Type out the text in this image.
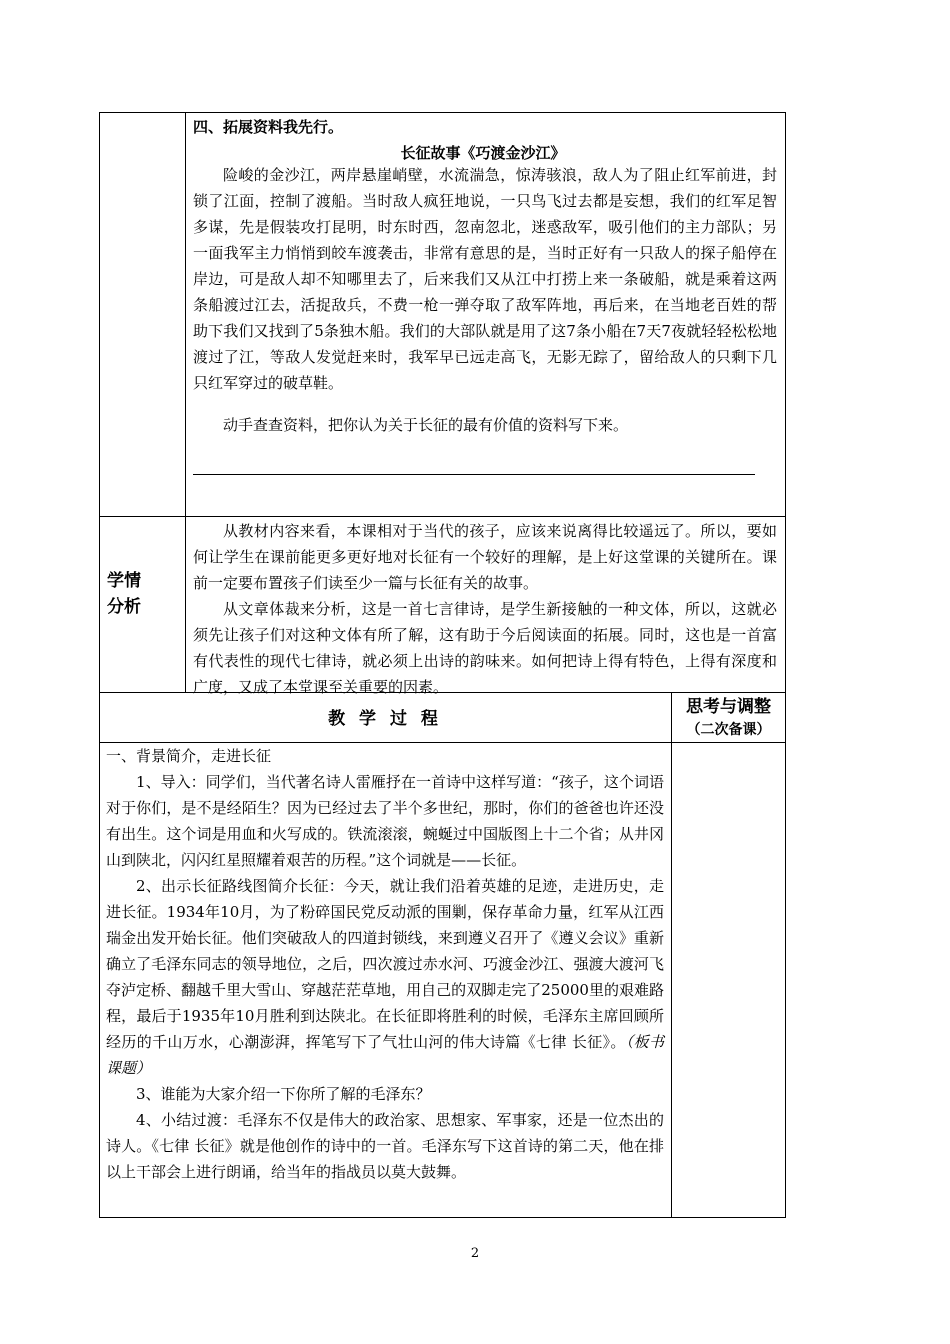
四、拓展资料我先行。
长征故事《巧渡金沙江》

险峻的金沙江，两岸悬崖峭壁，水流湍急，惊涛骇浪，敌人为了阻止红军前进，封锁了江面，控制了渡船。当时敌人疯狂地说，一只鸟飞过去都是妄想，我们的红军足智多谋，先是假装攻打昆明，时东时西，忽南忽北，迷惑敌军，吸引他们的主力部队；另一面我军主力悄悄到皎车渡袭击，非常有意思的是，当时正好有一只敌人的探子船停在岸边，可是敌人却不知哪里去了，后来我们又从江中打捞上来一条破船，就是乘着这两条船渡过江去，活捉敌兵，不费一枪一弹夺取了敌军阵地，再后来，在当地老百姓的帮助下我们又找到了5条独木船。我们的大部队就是用了这7条小船在7天7夜就轻轻松松地渡过了江，等敌人发觉赶来时，我军早已远走高飞，无影无踪了，留给敌人的只剩下几只红军穿过的破草鞋。

动手查查资料，把你认为关于长征的最有价值的资料写下来。
学情
分析

从教材内容来看，本课相对于当代的孩子，应该来说离得比较遥远了。所以，要如何让学生在课前能更多更好地对长征有一个较好的理解，是上好这堂课的关键所在。课前一定要布置孩子们读至少一篇与长征有关的故事。

从文章体裁来分析，这是一首七言律诗，是学生新接触的一种文体，所以，这就必须先让孩子们对这种文体有所了解，这有助于今后阅读面的拓展。同时，这也是一首富有代表性的现代七律诗，就必须上出诗的韵味来。如何把诗上得有特色，上得有深度和广度，又成了本堂课至关重要的因素。

教 学 过 程
思考与调整
（二次备课）

一、背景简介，走进长征

1、导入：同学们，当代著名诗人雷雁抒在一首诗中这样写道：“孩子，这个词语对于你们，是不是经陌生？因为已经过去了半个多世纪，那时，你们的爸爸也许还没有出生。这个词是用血和火写成的。铁流滚滚，蜿蜒过中国版图上十二个省；从井冈山到陕北，闪闪红星照耀着艰苦的历程。”这个词就是——长征。

2、出示长征路线图简介长征：今天，就让我们沿着英雄的足迹，走进历史，走进长征。1934年10月，为了粉碎国民党反动派的围剿，保存革命力量，红军从江西瑞金出发开始长征。他们突破敌人的四道封锁线，来到遵义召开了《遵义会议》重新确立了毛泽东同志的领导地位，之后，四次渡过赤水河、巧渡金沙江、强渡大渡河飞夺泸定桥、翻越千里大雪山、穿越茫茫草地，用自己的双脚走完了25000里的艰难路程，最后于1935年10月胜利到达陕北。在长征即将胜利的时候，毛泽东主席回顾所经历的千山万水，心潮澎湃，挥笔写下了气壮山河的伟大诗篇《七律 长征》。（板书课题）

3、谁能为大家介绍一下你所了解的毛泽东？

4、小结过渡：毛泽东不仅是伟大的政治家、思想家、军事家，还是一位杰出的诗人。《七律 长征》就是他创作的诗中的一首。毛泽东写下这首诗的第二天，他在排以上干部会上进行朗诵，给当年的指战员以莫大鼓舞。

2
